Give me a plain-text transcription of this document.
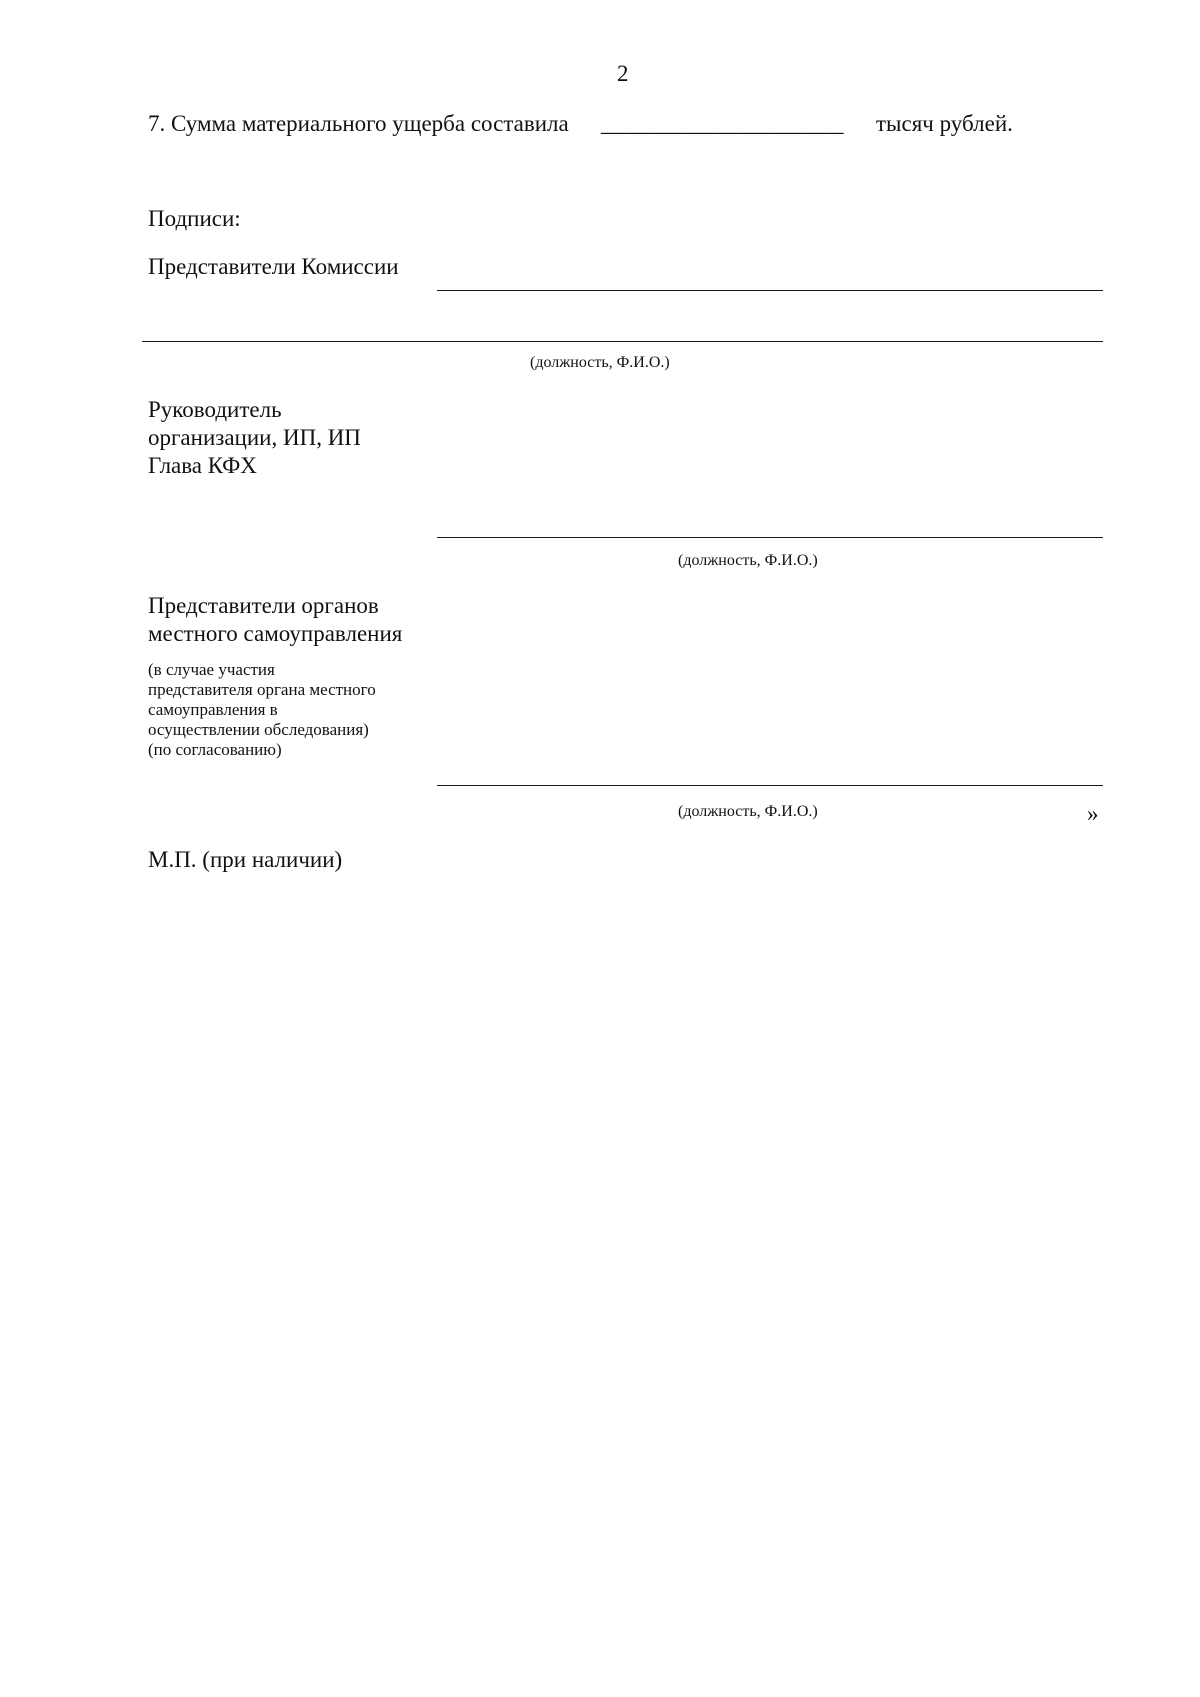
2
7. Сумма материального ущерба составила ______________________ тысяч рублей.
Подписи:
Представители Комиссии
(должность, Ф.И.О.)
Руководитель
организации, ИП, ИП
Глава КФХ
(должность, Ф.И.О.)
Представители органов
местного самоуправления
(в случае участия
представителя органа местного
самоуправления в
осуществлении обследования)
(по согласованию)
(должность, Ф.И.О.)	»
М.П. (при наличии)
